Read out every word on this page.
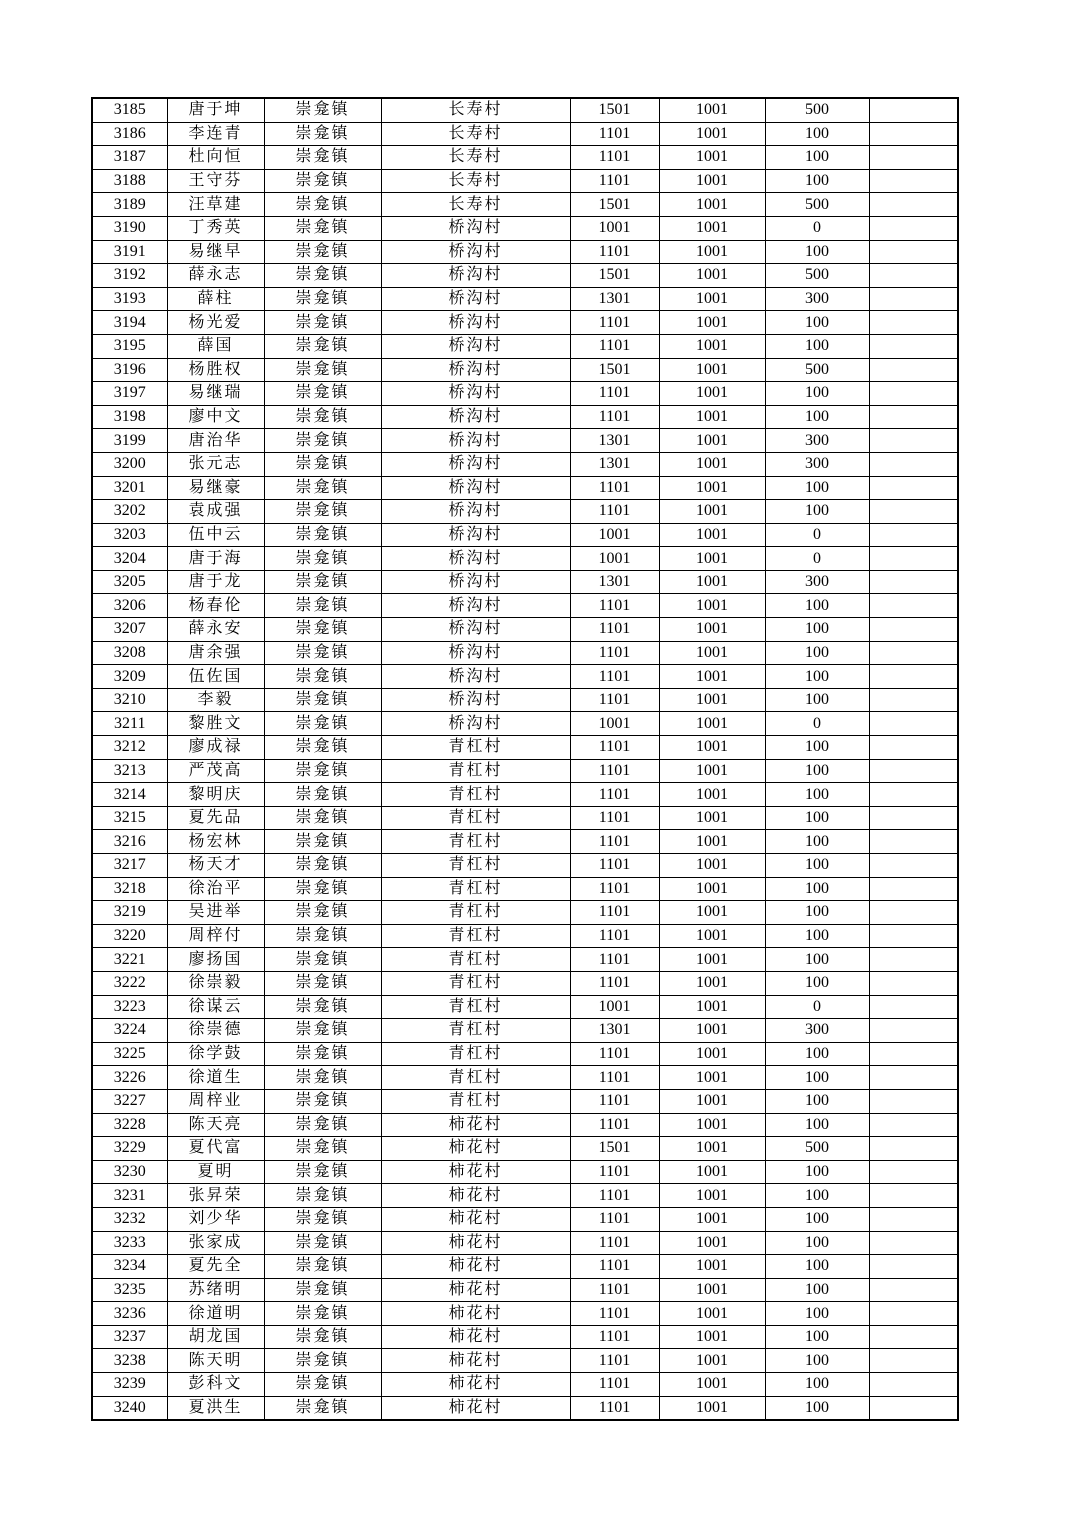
3185	唐于坤	崇龛镇	长寿村	1501	1001	500	
3186	李连青	崇龛镇	长寿村	1101	1001	100	
3187	杜向恒	崇龛镇	长寿村	1101	1001	100	
3188	王守芬	崇龛镇	长寿村	1101	1001	100	
3189	汪草建	崇龛镇	长寿村	1501	1001	500	
3190	丁秀英	崇龛镇	桥沟村	1001	1001	0	
3191	易继早	崇龛镇	桥沟村	1101	1001	100	
3192	薛永志	崇龛镇	桥沟村	1501	1001	500	
3193	薛柱	崇龛镇	桥沟村	1301	1001	300	
3194	杨光爱	崇龛镇	桥沟村	1101	1001	100	
3195	薛国	崇龛镇	桥沟村	1101	1001	100	
3196	杨胜权	崇龛镇	桥沟村	1501	1001	500	
3197	易继瑞	崇龛镇	桥沟村	1101	1001	100	
3198	廖中文	崇龛镇	桥沟村	1101	1001	100	
3199	唐治华	崇龛镇	桥沟村	1301	1001	300	
3200	张元志	崇龛镇	桥沟村	1301	1001	300	
3201	易继豪	崇龛镇	桥沟村	1101	1001	100	
3202	袁成强	崇龛镇	桥沟村	1101	1001	100	
3203	伍中云	崇龛镇	桥沟村	1001	1001	0	
3204	唐于海	崇龛镇	桥沟村	1001	1001	0	
3205	唐于龙	崇龛镇	桥沟村	1301	1001	300	
3206	杨春伦	崇龛镇	桥沟村	1101	1001	100	
3207	薛永安	崇龛镇	桥沟村	1101	1001	100	
3208	唐余强	崇龛镇	桥沟村	1101	1001	100	
3209	伍佐国	崇龛镇	桥沟村	1101	1001	100	
3210	李毅	崇龛镇	桥沟村	1101	1001	100	
3211	黎胜文	崇龛镇	桥沟村	1001	1001	0	
3212	廖成禄	崇龛镇	青杠村	1101	1001	100	
3213	严茂高	崇龛镇	青杠村	1101	1001	100	
3214	黎明庆	崇龛镇	青杠村	1101	1001	100	
3215	夏先品	崇龛镇	青杠村	1101	1001	100	
3216	杨宏林	崇龛镇	青杠村	1101	1001	100	
3217	杨天才	崇龛镇	青杠村	1101	1001	100	
3218	徐治平	崇龛镇	青杠村	1101	1001	100	
3219	吴进举	崇龛镇	青杠村	1101	1001	100	
3220	周梓付	崇龛镇	青杠村	1101	1001	100	
3221	廖扬国	崇龛镇	青杠村	1101	1001	100	
3222	徐崇毅	崇龛镇	青杠村	1101	1001	100	
3223	徐谋云	崇龛镇	青杠村	1001	1001	0	
3224	徐崇德	崇龛镇	青杠村	1301	1001	300	
3225	徐学鼓	崇龛镇	青杠村	1101	1001	100	
3226	徐道生	崇龛镇	青杠村	1101	1001	100	
3227	周梓业	崇龛镇	青杠村	1101	1001	100	
3228	陈天亮	崇龛镇	柿花村	1101	1001	100	
3229	夏代富	崇龛镇	柿花村	1501	1001	500	
3230	夏明	崇龛镇	柿花村	1101	1001	100	
3231	张昇荣	崇龛镇	柿花村	1101	1001	100	
3232	刘少华	崇龛镇	柿花村	1101	1001	100	
3233	张家成	崇龛镇	柿花村	1101	1001	100	
3234	夏先全	崇龛镇	柿花村	1101	1001	100	
3235	苏绪明	崇龛镇	柿花村	1101	1001	100	
3236	徐道明	崇龛镇	柿花村	1101	1001	100	
3237	胡龙国	崇龛镇	柿花村	1101	1001	100	
3238	陈天明	崇龛镇	柿花村	1101	1001	100	
3239	彭科文	崇龛镇	柿花村	1101	1001	100	
3240	夏洪生	崇龛镇	柿花村	1101	1001	100	
